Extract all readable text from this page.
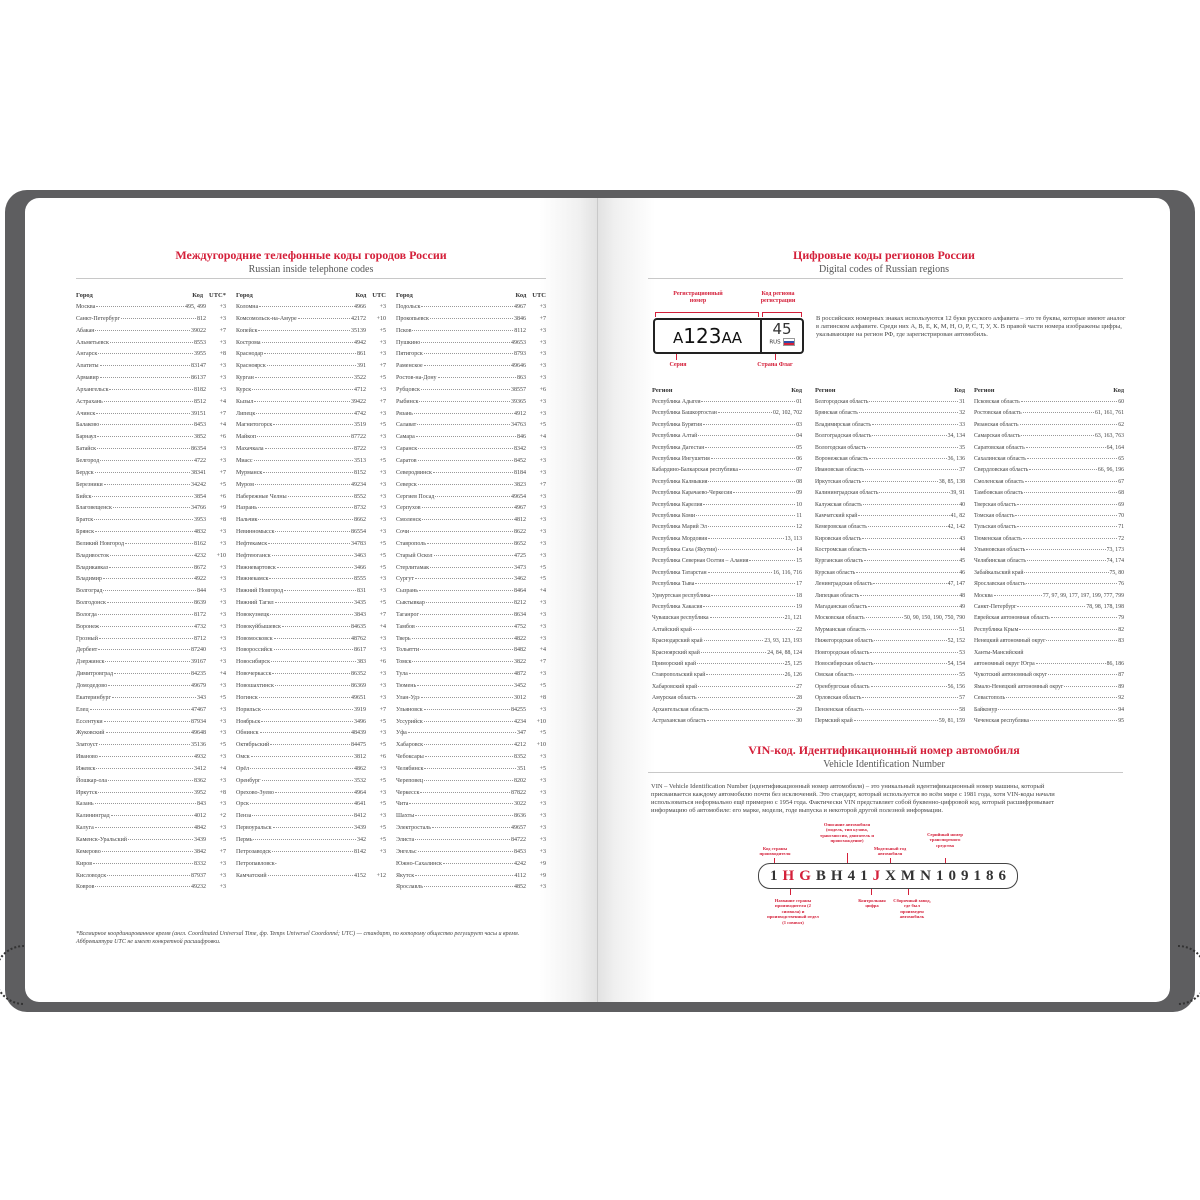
Междугородние телефонные коды городов России
Russian inside telephone codes
Город	Код UTC*
Москва	495, 499	+3
Санкт-Петербург	812	+3
Абакан	39022	+7
Альметьевск	8553	+3
Ангарск	3955	+8
Апатиты	83147	+3
Армавир	86137	+3
Архангельск	8182	+3
Астрахань	8512	+4
Ачинск	39151	+7
Балаково	8453	+4
Барнаул	3852	+6
Батайск	86354	+3
Белгород	4722	+3
Бердск	38341	+7
Березники	34242	+5
Бийск	3854	+6
Благовещенск	34766	+9
Братск	3953	+8
Брянск	4832	+3
Великий Новгород	8162	+3
Владивосток	4232	+10
Владикавказ	8672	+3
Владимир	4922	+3
Волгоград	844	+3
Волгодонск	8639	+3
Вологда	8172	+3
Воронеж	4732	+3
Грозный	8712	+3
Дербент	87240	+3
Дзержинск	39167	+3
Димитровград	84235	+4
Домодедово	49679	+3
Екатеринбург	343	+5
Елец	47467	+3
Ессентуки	87934	+3
Жуковский	49648	+3
Златоуст	35136	+5
Иваново	4932	+3
Ижевск	3412	+4
Йошкар-ола	8362	+3
Иркутск	3952	+8
Казань	843	+3
Калининград	4012	+2
Калуга	4842	+3
Каменск-Уральский	3439	+5
Кемерово	3842	+7
Киров	8332	+3
Кисловодск	87937	+3
Ковров	49232	+3
Город	Код UTC
Коломна	4966	+3
Комсомольск-на-Амуре	42172	+10
Копейск	35139	+5
Кострома	4942	+3
Краснодар	861	+3
Красноярск	391	+7
Курган	3522	+5
Курск	4712	+3
Кызыл	39422	+7
Липецк	4742	+3
Магнитогорск	3519	+5
Майкоп	87722	+3
Махачкала	8722	+3
Миасс	3513	+5
Мурманск	8152	+3
Муром	49234	+3
Набережные Челны	8552	+3
Назрань	8732	+3
Нальчик	8662	+3
Невинномысск	86554	+3
Нефтекамск	34783	+5
Нефтеюганск	3463	+5
Нижневартовск	3466	+5
Нижнекамск	8555	+3
Нижний Новгород	831	+3
Нижний Тагил	3435	+5
Новокузнецк	3843	+7
Новокуйбышевск	84635	+4
Новомосковск	48762	+3
Новороссийск	8617	+3
Новосибирск	383	+6
Новочеркасск	86352	+3
Новошахтинск	86369	+3
Ногинск	49651	+3
Норильск	3919	+7
Ноябрьск	3496	+5
Обнинск	48439	+3
Октябрьский	84475	+5
Омск	3812	+6
Орёл	4862	+3
Оренбург	3532	+5
Орехово-Зуево	4964	+3
Орск	4641	+5
Пенза	8412	+3
Первоуральск	3439	+5
Пермь	342	+5
Петрозаводск	8142	+3
Петропавловск-
Камчатский	4152	+12
Город	Код UTC
Подольск	4967	+3
Прокопьевск	3846	+7
Псков	8112	+3
Пушкино	49653	+3
Пятигорск	8793	+3
Раменское	49646	+3
Ростов-на-Дону	863	+3
Рубцовск	38557	+6
Рыбинск	39365	+3
Рязань	4912	+3
Салават	34763	+5
Самара	846	+4
Саранск	8342	+3
Саратов	8452	+3
Северодвинск	8184	+3
Северск	3823	+7
Сергиев Посад	49654	+3
Серпухов	4967	+3
Смоленск	4812	+3
Сочи	8622	+3
Ставрополь	8652	+3
Старый Оскол	4725	+3
Стерлитамак	3473	+5
Сургут	3462	+5
Сызрань	8464	+4
Сыктывкар	8212	+3
Таганрог	8634	+3
Тамбов	4752	+3
Тверь	4822	+3
Тольятти	8482	+4
Томск	3822	+7
Тула	4872	+3
Тюмень	3452	+5
Улан-Удэ	3012	+8
Ульяновск	84255	+3
Уссурийск	4234	+10
Уфа	347	+5
Хабаровск	4212	+10
Чебоксары	8352	+3
Челябинск	351	+5
Череповец	8202	+3
Черкесск	87822	+3
Чита	3022	+3
Шахты	8636	+3
Электросталь	49657	+3
Элиста	84722	+3
Энгельс	8453	+3
Южно-Сахалинск	4242	+9
Якутск	4112	+9
Ярославль	4852	+3
*Всемирное координированное время (англ. Coordinated Universal Time, фр. Temps Universel Coordonné; UTC) — стандарт, по которому общество регулирует часы и время. Аббревиатура UTC не имеет конкретной расшифровки.
Цифровые коды регионов России
Digital codes of Russian regions
Регистрационный номер
Код региона регистрации
А123АА	45
RUS
Серия	Страна Флаг
В российских номерных знаках используются 12 букв русского алфавита – это те буквы, которые имеют аналог в латинском алфавите. Среди них А, В, Е, К, М, Н, О, Р, С, Т, У, Х. В правой части номера изображены цифры, указывающие на регион РФ, где зарегистрирован автомобиль.
Регион	Код
Республика Адыгея	01
Республика Башкортостан	02, 102, 702
Республика Бурятия	03
Республика Алтай	04
Республика Дагестан	05
Республика Ингушетия	06
Кабардино-Балкарская республика	07
Республика Калмыкия	08
Республика Карачаево-Черкесия	09
Республика Карелия	10
Республика Коми	11
Республика Марий Эл	12
Республика Мордовия	13, 113
Республика Саха (Якутия)	14
Республика Северная Осетия – Алания	15
Республика Татарстан	16, 116, 716
Республика Тыва	17
Удмуртская республика	18
Республика Хакасия	19
Чувашская республика	21, 121
Алтайский край	22
Краснодарский край	23, 93, 123, 193
Красноярский край	24, 84, 88, 124
Приморский край	25, 125
Ставропольский край	26, 126
Хабаровский край	27
Амурская область	28
Архангельская область	29
Астраханская область	30
Регион	Код
Белгородская область	31
Брянская область	32
Владимирская область	33
Волгоградская область	34, 134
Вологодская область	35
Воронежская область	36, 136
Ивановская область	37
Иркутская область	38, 85, 138
Калининградская область	39, 91
Калужская область	40
Камчатский край	41, 82
Кемеровская область	42, 142
Кировская область	43
Костромская область	44
Курганская область	45
Курская область	46
Ленинградская область	47, 147
Липецкая область	48
Магаданская область	49
Московская область	50, 90, 150, 190, 750, 790
Мурманская область	51
Нижегородская область	52, 152
Новгородская область	53
Новосибирская область	54, 154
Омская область	55
Оренбургская область	56, 156
Орловская область	57
Пензенская область	58
Пермский край	59, 81, 159
Регион	Код
Псковская область	60
Ростовская область	61, 161, 761
Рязанская область	62
Самарская область	63, 163, 763
Саратовская область	64, 164
Сахалинская область	65
Свердловская область	66, 96, 196
Смоленская область	67
Тамбовская область	68
Тверская область	69
Томская область	70
Тульская область	71
Тюменская область	72
Ульяновская область	73, 173
Челябинская область	74, 174
Забайкальский край	75, 80
Ярославская область	76
Москва	77, 97, 99, 177, 197, 199, 777, 799
Санкт-Петербург	78, 98, 178, 198
Еврейская автономная область	79
Республика Крым	82
Ненецкий автономный округ	83
Ханты-Мансийский
автономный округ Югра	86, 186
Чукотский автономный округ	87
Ямало-Ненецкий автономный округ	89
Севастополь	92
Байконур	94
Чеченская республика	95
VIN-код. Идентификационный номер автомобиля
Vehicle Identification Number
VIN – Vehicle Identification Number (идентификационный номер автомобиля) – это уникальный идентификационный номер машины, который присваивается каждому автомобилю почти без исключений. Это стандарт, который используется во всём мире с 1981 года, хотя VIN-коды начали использоваться неформально ещё примерно с 1954 года. Фактически VIN представляет собой буквенно-цифровой код, который расшифровывает информацию об автомобиле: его марке, модели, годе выпуска и некоторой другой полезной информации.
Код страны производителя
Описание автомобиля (модель, тип кузова, трансмиссия, двигатель и происхождение)
Модельный год автомобиля
Серийный номер транспортного средства
1 H G B H 4 1 J X M N 1 0 9 1 8 6
Название страны производителя (2 символа) и производственный отдел (1 символ)
Контрольная цифра
Сборочный завод, где был произведен автомобиль
